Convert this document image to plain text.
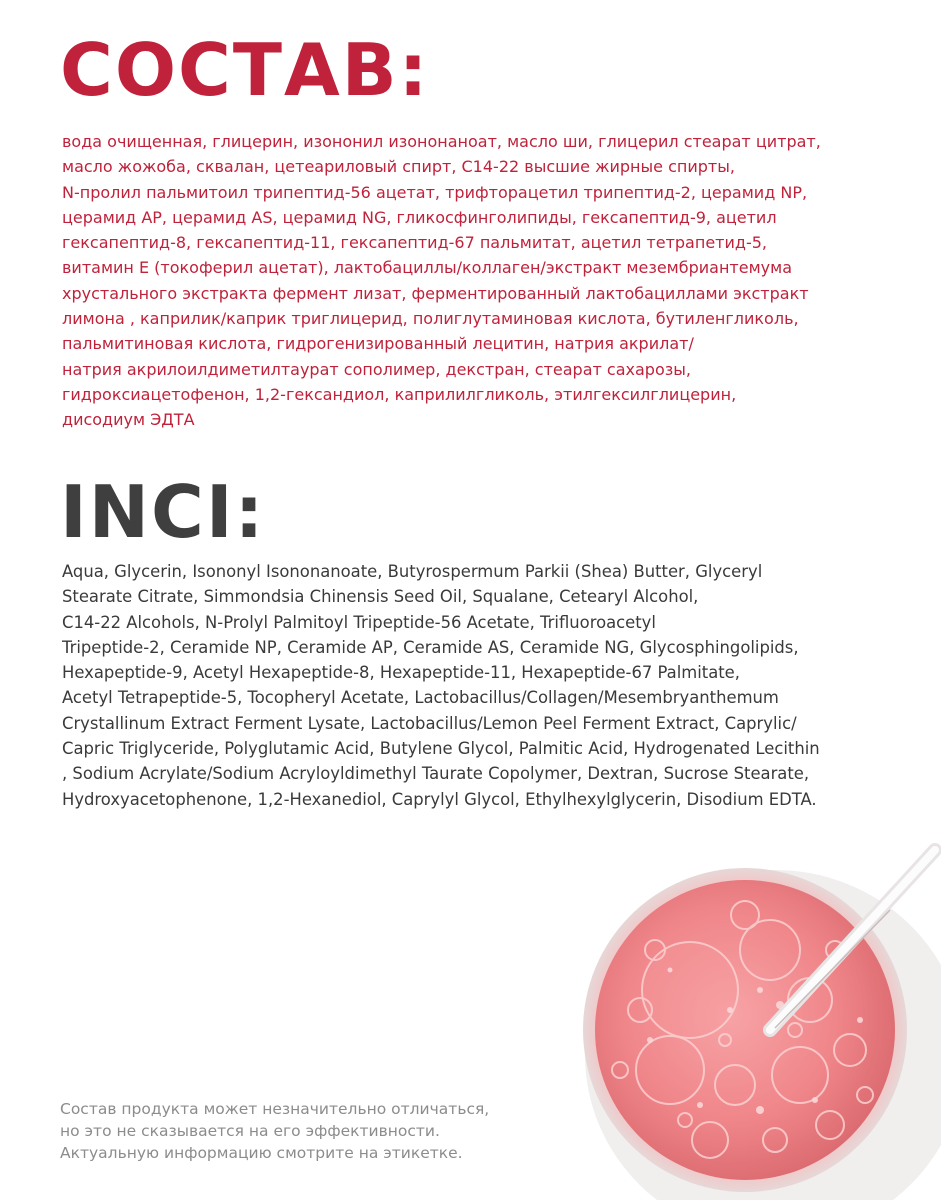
СОСТАВ:

вода очищенная, глицерин, изононил изононаноат, масло ши, глицерил стеарат цитрат,
масло жожоба, сквалан, цетеариловый спирт, С14-22 высшие жирные спирты,
N-пролил пальмитоил трипептид-56 ацетат, трифторацетил трипептид-2, церамид NP,
церамид АР, церамид AS, церамид NG, гликосфинголипиды, гексапептид-9, ацетил
гексапептид-8, гексапептид-11, гексапептид-67 пальмитат, ацетил тетрапетид-5,
витамин Е (токоферил ацетат), лактобациллы/коллаген/экстракт мезембриантемума
хрустального экстракта фермент лизат, ферментированный лактобациллами экстракт
лимона , каприлик/каприк триглицерид, полиглутаминовая кислота, бутиленгликоль,
пальмитиновая кислота, гидрогенизированный лецитин, натрия акрилат/
натрия акрилоилдиметилтаурат сополимер, декстран, стеарат сахарозы,
гидроксиацетофенон, 1,2-гександиол, каприлилгликоль, этилгексилглицерин,
дисодиум ЭДТА

INCI:

Aqua, Glycerin, Isononyl Isononanoate, Butyrospermum Parkii (Shea) Butter, Glyceryl
Stearate Citrate, Simmondsia Chinensis Seed Oil, Squalane, Cetearyl Alcohol,
C14-22 Alcohols, N-Prolyl Palmitoyl Tripeptide-56 Acetate, Trifluoroacetyl
Tripeptide-2, Ceramide NP, Ceramide AP, Ceramide AS, Ceramide NG, Glycosphingolipids,
Hexapeptide-9, Acetyl Hexapeptide-8, Hexapeptide-11, Hexapeptide-67 Palmitate,
Acetyl Tetrapeptide-5, Tocopheryl Acetate, Lactobacillus/Collagen/Mesembryanthemum
Crystallinum Extract Ferment Lysate, Lactobacillus/Lemon Peel Ferment Extract, Caprylic/
Capric Triglyceride, Polyglutamic Acid, Butylene Glycol, Palmitic Acid, Hydrogenated Lecithin
, Sodium Acrylate/Sodium Acryloyldimethyl Taurate Copolymer, Dextran, Sucrose Stearate,
Hydroxyacetophenone, 1,2-Hexanediol, Caprylyl Glycol, Ethylhexylglycerin, Disodium EDTA.

Состав продукта может незначительно отличаться,
но это не сказывается на его эффективности.
Актуальную информацию смотрите на этикетке.
